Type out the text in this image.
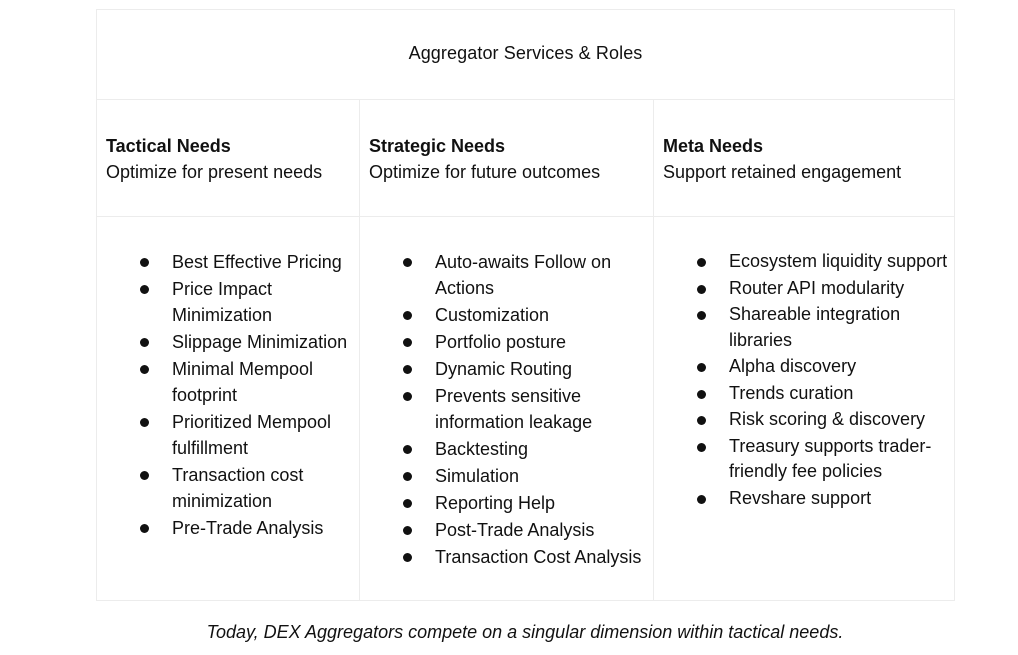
Aggregator Services & Roles
Tactical Needs
Optimize for present needs
Strategic Needs
Optimize for future outcomes
Meta Needs
Support retained engagement
Best Effective Pricing
Price Impact Minimization
Slippage Minimization
Minimal Mempool footprint
Prioritized Mempool fulfillment
Transaction cost minimization
Pre-Trade Analysis
Auto-awaits Follow on Actions
Customization
Portfolio posture
Dynamic Routing
Prevents sensitive information leakage
Backtesting
Simulation
Reporting Help
Post-Trade Analysis
Transaction Cost Analysis
Ecosystem liquidity support
Router API modularity
Shareable integration libraries
Alpha discovery
Trends curation
Risk scoring & discovery
Treasury supports trader-friendly fee policies
Revshare support
Today, DEX Aggregators compete on a singular dimension within tactical needs.
